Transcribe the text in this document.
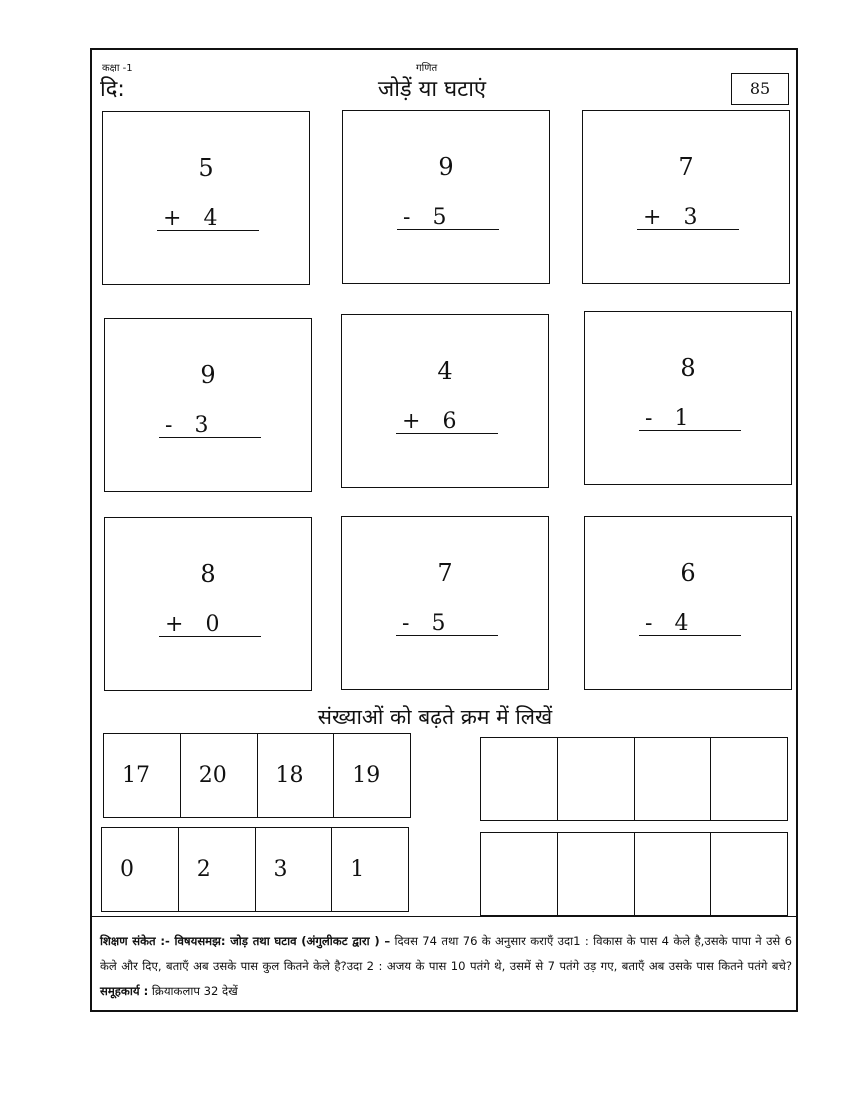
कक्षा -1	गणित
दि:	जोड़ें या घटाएं	85
5
+ 4
9
- 5
7
+ 3
9
- 3
4
+ 6
8
- 1
8
+ 0
7
- 5
6
- 4
संख्याओं को बढ़ते क्रम में लिखें
17	20	18	19
0	2	3	1
शिक्षण संकेत :- विषयसमझ: जोड़ तथा घटाव (अंगुलीकट द्वारा ) – दिवस 74 तथा 76 के अनुसार कराएँ उदा1 : विकास के पास 4 केले है,उसके पापा ने उसे 6 केले और दिए, बताएँ अब उसके पास कुल कितने केले है?उदा 2 : अजय के पास 10 पतंगे थे, उसमें से 7 पतंगे उड़ गए, बताएँ अब उसके पास कितने पतंगे बचे? समूहकार्य : क्रियाकलाप 32 देखें
